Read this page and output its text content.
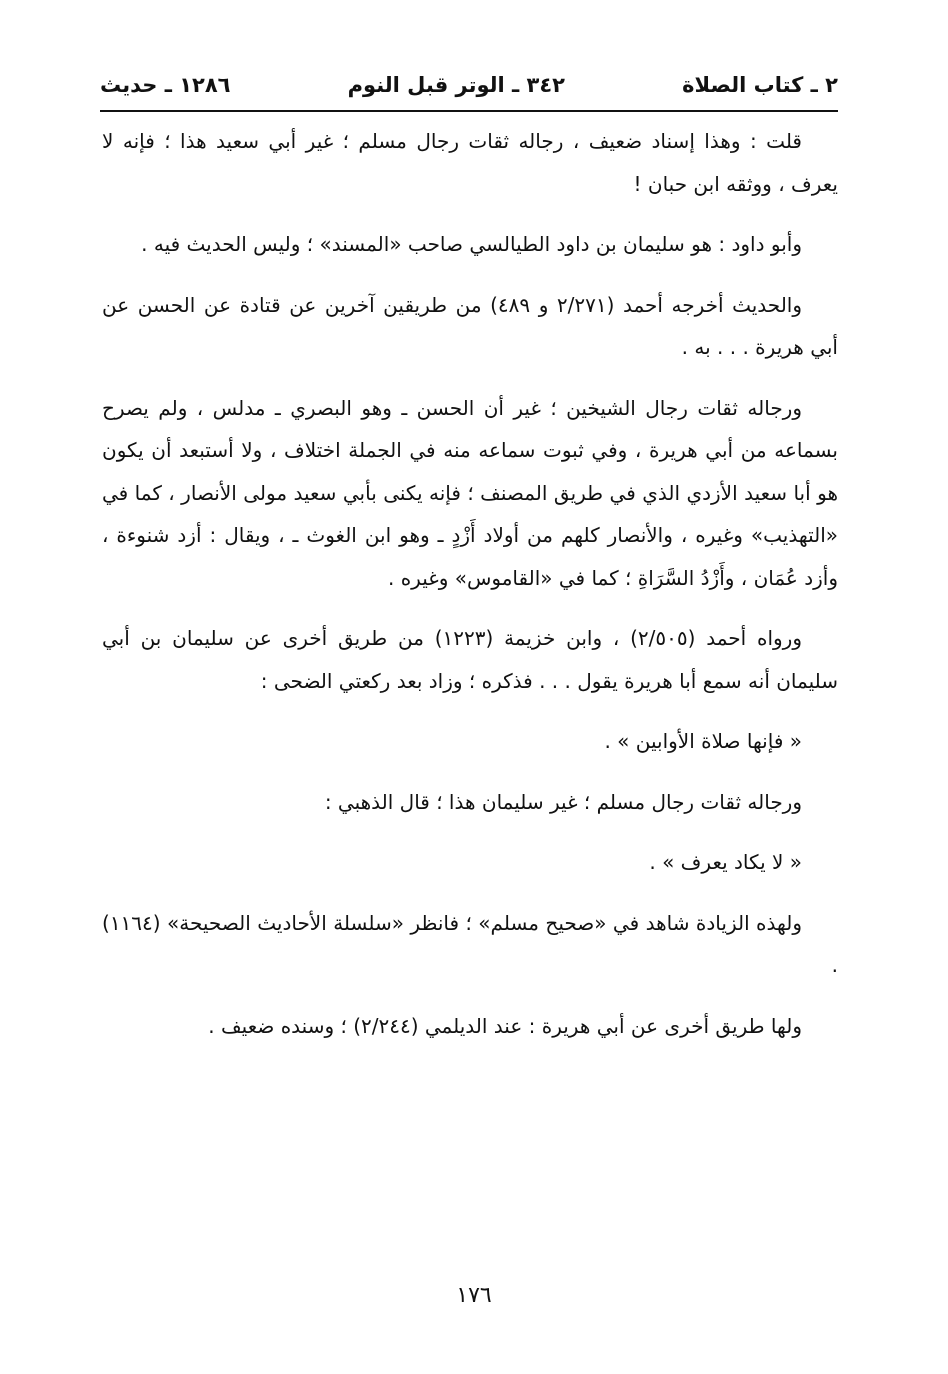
٢ ـ كتاب الصلاة
٣٤٢ ـ الوتر قبل النوم
١٢٨٦ ـ حديث

قلت : وهذا إسناد ضعيف ، رجاله ثقات رجال مسلم ؛ غير أبي سعيد هذا ؛ فإنه لا يعرف ، ووثقه ابن حبان !

وأبو داود : هو سليمان بن داود الطيالسي صاحب «المسند» ؛ وليس الحديث فيه .

والحديث أخرجه أحمد (٢/٢٧١ و ٤٨٩) من طريقين آخرين عن قتادة عن الحسن عن أبي هريرة . . . به .

ورجاله ثقات رجال الشيخين ؛ غير أن الحسن ـ وهو البصري ـ مدلس ، ولم يصرح بسماعه من أبي هريرة ، وفي ثبوت سماعه منه في الجملة اختلاف ، ولا أستبعد أن يكون هو أبا سعيد الأزدي الذي في طريق المصنف ؛ فإنه يكنى بأبي سعيد مولى الأنصار ، كما في «التهذيب» وغيره ، والأنصار كلهم من أولاد أَزْدٍ ـ وهو ابن الغوث ـ ، ويقال : أزد شنوءة ، وأزد عُمَان ، وأَزْدُ السَّرَاةِ ؛ كما في «القاموس» وغيره .

ورواه أحمد (٢/٥٠٥) ، وابن خزيمة (١٢٢٣) من طريق أخرى عن سليمان بن أبي سليمان أنه سمع أبا هريرة يقول . . . فذكره ؛ وزاد بعد ركعتي الضحى :

« فإنها صلاة الأوابين » .

ورجاله ثقات رجال مسلم ؛ غير سليمان هذا ؛ قال الذهبي :

« لا يكاد يعرف » .

ولهذه الزيادة شاهد في «صحيح مسلم» ؛ فانظر «سلسلة الأحاديث الصحيحة» (١١٦٤) .

ولها طريق أخرى عن أبي هريرة : عند الديلمي (٢/٢٤٤) ؛ وسنده ضعيف .

١٧٦
